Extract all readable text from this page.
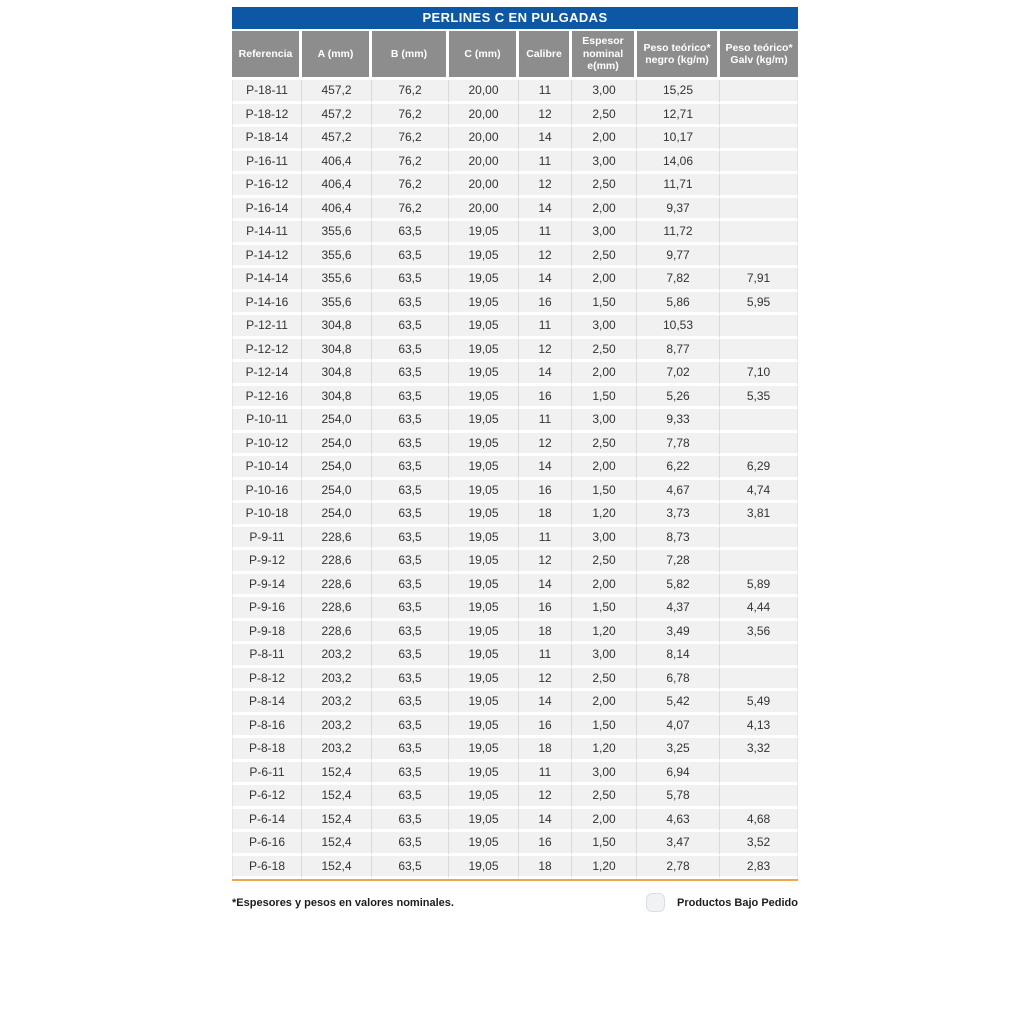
PERLINES C EN PULGADAS
Referencia	A (mm)	B (mm)	C (mm)	Calibre	Espesor nominal e(mm)	Peso teórico* negro (kg/m)	Peso teórico* Galv (kg/m)
P-18-11	457,2	76,2	20,00	11	3,00	15,25	
P-18-12	457,2	76,2	20,00	12	2,50	12,71	
P-18-14	457,2	76,2	20,00	14	2,00	10,17	
P-16-11	406,4	76,2	20,00	11	3,00	14,06	
P-16-12	406,4	76,2	20,00	12	2,50	11,71	
P-16-14	406,4	76,2	20,00	14	2,00	9,37	
P-14-11	355,6	63,5	19,05	11	3,00	11,72	
P-14-12	355,6	63,5	19,05	12	2,50	9,77	
P-14-14	355,6	63,5	19,05	14	2,00	7,82	7,91
P-14-16	355,6	63,5	19,05	16	1,50	5,86	5,95
P-12-11	304,8	63,5	19,05	11	3,00	10,53	
P-12-12	304,8	63,5	19,05	12	2,50	8,77	
P-12-14	304,8	63,5	19,05	14	2,00	7,02	7,10
P-12-16	304,8	63,5	19,05	16	1,50	5,26	5,35
P-10-11	254,0	63,5	19,05	11	3,00	9,33	
P-10-12	254,0	63,5	19,05	12	2,50	7,78	
P-10-14	254,0	63,5	19,05	14	2,00	6,22	6,29
P-10-16	254,0	63,5	19,05	16	1,50	4,67	4,74
P-10-18	254,0	63,5	19,05	18	1,20	3,73	3,81
P-9-11	228,6	63,5	19,05	11	3,00	8,73	
P-9-12	228,6	63,5	19,05	12	2,50	7,28	
P-9-14	228,6	63,5	19,05	14	2,00	5,82	5,89
P-9-16	228,6	63,5	19,05	16	1,50	4,37	4,44
P-9-18	228,6	63,5	19,05	18	1,20	3,49	3,56
P-8-11	203,2	63,5	19,05	11	3,00	8,14	
P-8-12	203,2	63,5	19,05	12	2,50	6,78	
P-8-14	203,2	63,5	19,05	14	2,00	5,42	5,49
P-8-16	203,2	63,5	19,05	16	1,50	4,07	4,13
P-8-18	203,2	63,5	19,05	18	1,20	3,25	3,32
P-6-11	152,4	63,5	19,05	11	3,00	6,94	
P-6-12	152,4	63,5	19,05	12	2,50	5,78	
P-6-14	152,4	63,5	19,05	14	2,00	4,63	4,68
P-6-16	152,4	63,5	19,05	16	1,50	3,47	3,52
P-6-18	152,4	63,5	19,05	18	1,20	2,78	2,83
*Espesores y pesos en valores nominales.	Productos Bajo Pedido
